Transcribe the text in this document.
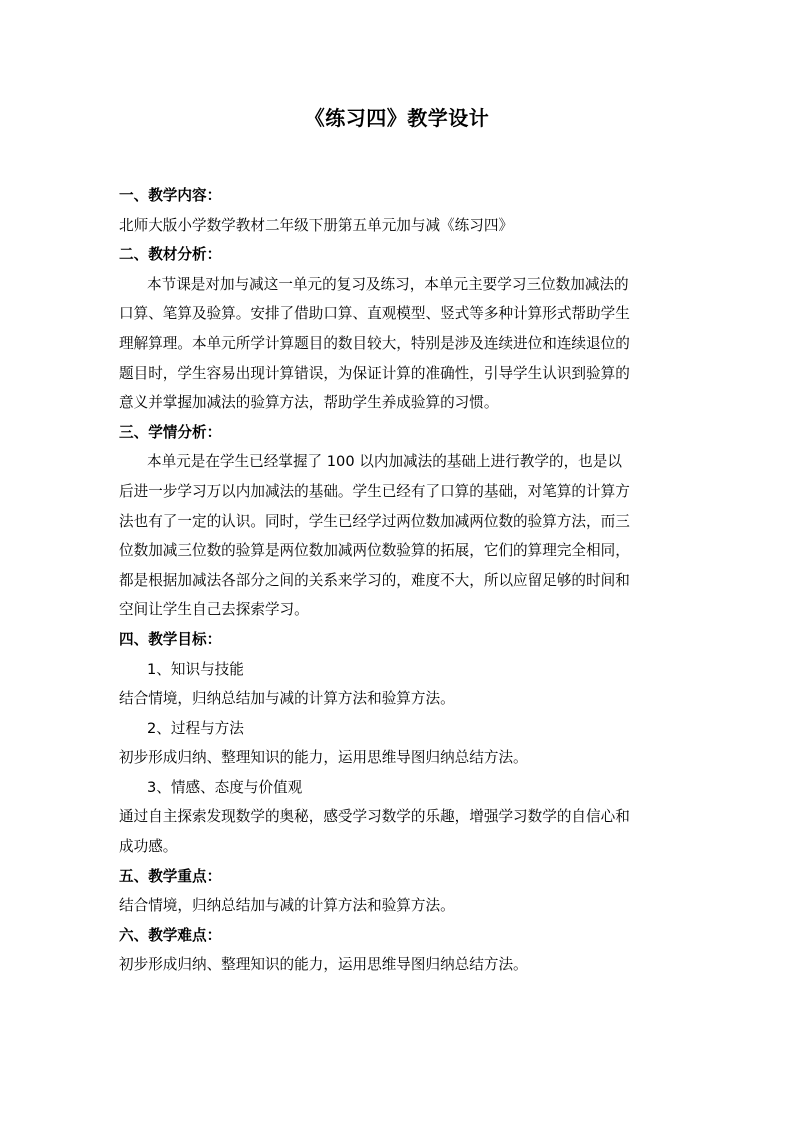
《练习四》教学设计
一、教学内容：
北师大版小学数学教材二年级下册第五单元加与减《练习四》
二、教材分析：
本节课是对加与减这一单元的复习及练习，本单元主要学习三位数加减法的
口算、笔算及验算。安排了借助口算、直观模型、竖式等多种计算形式帮助学生
理解算理。本单元所学计算题目的数目较大，特别是涉及连续进位和连续退位的
题目时，学生容易出现计算错误，为保证计算的准确性，引导学生认识到验算的
意义并掌握加减法的验算方法，帮助学生养成验算的习惯。
三、学情分析：
本单元是在学生已经掌握了 100 以内加减法的基础上进行教学的，也是以
后进一步学习万以内加减法的基础。学生已经有了口算的基础，对笔算的计算方
法也有了一定的认识。同时，学生已经学过两位数加减两位数的验算方法，而三
位数加减三位数的验算是两位数加减两位数验算的拓展，它们的算理完全相同，
都是根据加减法各部分之间的关系来学习的，难度不大，所以应留足够的时间和
空间让学生自己去探索学习。
四、教学目标：
1、知识与技能
结合情境，归纳总结加与减的计算方法和验算方法。
2、过程与方法
初步形成归纳、整理知识的能力，运用思维导图归纳总结方法。
3、情感、态度与价值观
通过自主探索发现数学的奥秘，感受学习数学的乐趣，增强学习数学的自信心和
成功感。
五、教学重点：
结合情境，归纳总结加与减的计算方法和验算方法。
六、教学难点：
初步形成归纳、整理知识的能力，运用思维导图归纳总结方法。
